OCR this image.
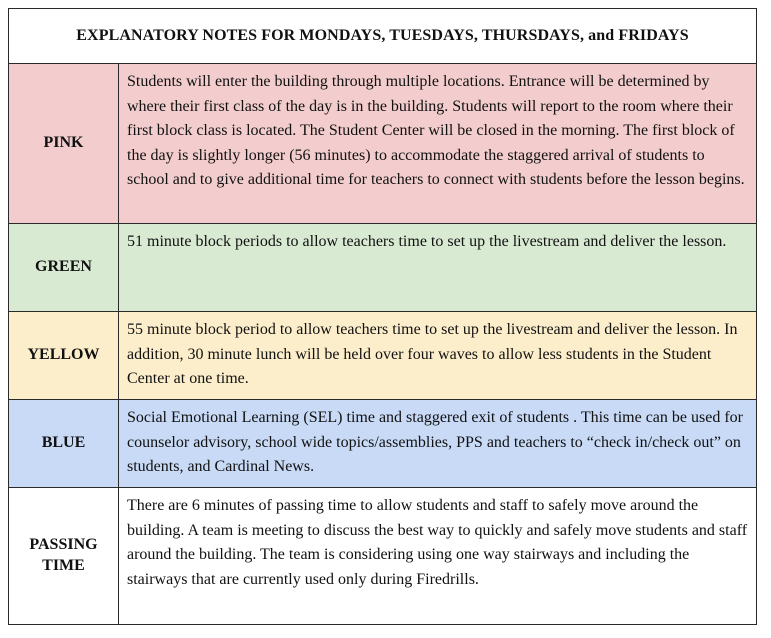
EXPLANATORY NOTES FOR MONDAYS, TUESDAYS, THURSDAYS, and FRIDAYS
PINK
Students will enter the building through multiple locations. Entrance will be determined by where their first class of the day is in the building. Students will report to the room where their first block class is located. The Student Center will be closed in the morning. The first block of the day is slightly longer (56 minutes) to accommodate the staggered arrival of students to school and to give additional time for teachers to connect with students before the lesson begins.
GREEN
51 minute block periods to allow teachers time to set up the livestream and deliver the lesson.
YELLOW
55 minute block period to allow teachers time to set up the livestream and deliver the lesson. In addition, 30 minute lunch will be held over four waves to allow less students in the Student Center at one time.
BLUE
Social Emotional Learning (SEL) time and staggered exit of students . This time can be used for counselor advisory, school wide topics/assemblies, PPS and teachers to “check in/check out” on students, and Cardinal News.
PASSING TIME
There are 6 minutes of passing time to allow students and staff to safely move around the building. A team is meeting to discuss the best way to quickly and safely move students and staff around the building. The team is considering using one way stairways and including the stairways that are currently used only during Firedrills.
